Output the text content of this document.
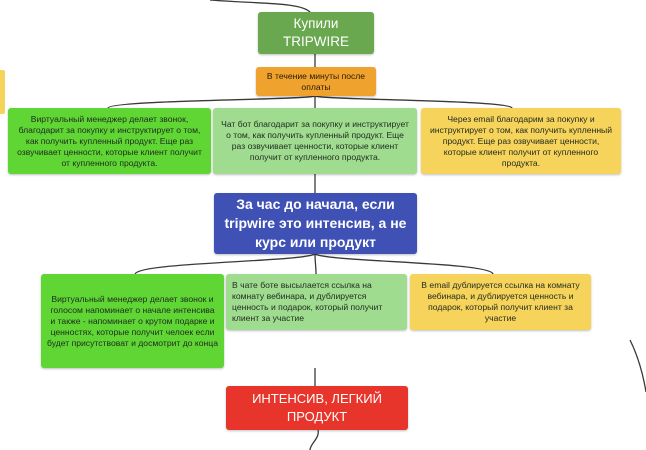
Купили
TRIPWIRE
В течение минуты после оплаты
Виртуальный менеджер делает звонок, благодарит за покупку и инструктирует о том, как получить купленный продукт. Еще раз озвучивает ценности, которые клиент получит от купленного продукта.
Чат бот благодарит за покупку и инструктирует о том, как получить купленный продукт. Еще раз озвучивает ценности, которые клиент получит от купленного продукта.
Через email благодарим за покупку и инструктирует о том, как получить купленный продукт. Еще раз озвучивает ценности, которые клиент получит от купленного продукта.
За час до начала, если tripwire это интенсив, а не курс или продукт
Виртуальный менеджер делает звонок и голосом напоминает о начале интенсива и также - напоминает о крутом подарке и ценностях, которые получит челоек если будет присутствоват и досмотрит до конца
В чате боте высылается ссылка на комнату вебинара, и дублируется ценность и подарок, который получит клиент за участие
В email дублируется ссылка на комнату вебинара, и дублируется ценность и подарок, который получит клиент за участие
ИНТЕНСИВ, ЛЕГКИЙ ПРОДУКТ
